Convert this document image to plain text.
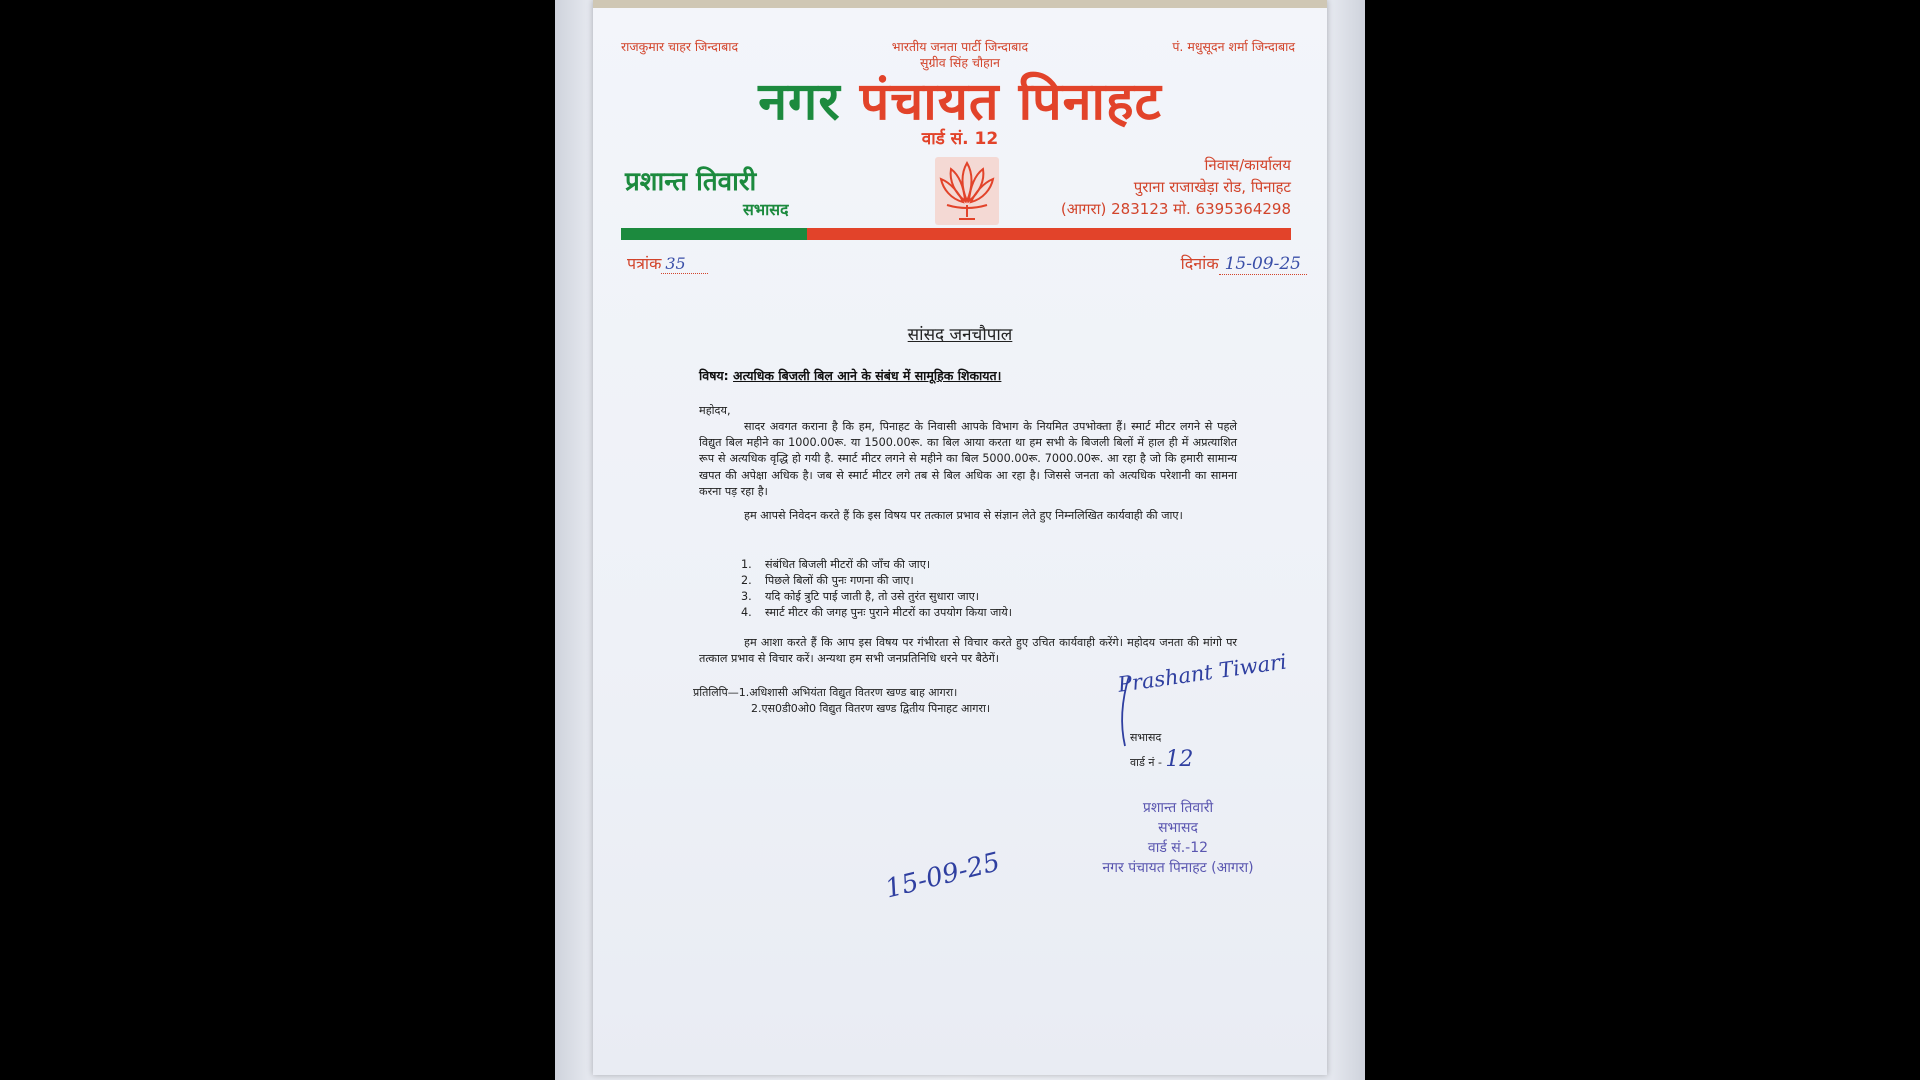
राजकुमार चाहर जिन्दाबाद	भारतीय जनता पार्टी जिन्दाबाद
सुग्रीव सिंह चौहान
पं. मधुसूदन शर्मा जिन्दाबाद
नगर पंचायत पिनाहट
वार्ड सं. 12
प्रशान्त तिवारी
सभासद
निवास/कार्यालय
पुराना राजाखेड़ा रोड, पिनाहट
(आगरा) 283123 मो. 6395364298
पत्रांक 35	दिनांक 15-09-25
सांसद जनचौपाल
विषय: अत्यधिक बिजली बिल आने के संबंध में सामूहिक शिकायत।
महोदय,
सादर अवगत कराना है कि हम, पिनाहट के निवासी आपके विभाग के नियमित उपभोक्ता हैं। स्मार्ट मीटर लगने से पहले विद्युत बिल महीने का 1000.00रू. या 1500.00रू. का बिल आया करता था हम सभी के बिजली बिलों में हाल ही में अप्रत्याशित रूप से अत्यधिक वृद्धि हो गयी है. स्मार्ट मीटर लगने से महीने का बिल 5000.00रू. 7000.00रू. आ रहा है जो कि हमारी सामान्य खपत की अपेक्षा अधिक है। जब से स्मार्ट मीटर लगे तब से बिल अधिक आ रहा है। जिससे जनता को अत्यधिक परेशानी का सामना करना पड़ रहा है।
हम आपसे निवेदन करते हैं कि इस विषय पर तत्काल प्रभाव से संज्ञान लेते हुए निम्नलिखित कार्यवाही की जाए।
1. संबंधित बिजली मीटरों की जाँच की जाए।
2. पिछले बिलों की पुनः गणना की जाए।
3. यदि कोई त्रुटि पाई जाती है, तो उसे तुरंत सुधारा जाए।
4. स्मार्ट मीटर की जगह पुनः पुराने मीटरों का उपयोग किया जाये।
हम आशा करते हैं कि आप इस विषय पर गंभीरता से विचार करते हुए उचित कार्यवाही करेंगे। महोदय जनता की मांगो पर तत्काल प्रभाव से विचार करें। अन्यथा हम सभी जनप्रतिनिधि धरने पर बैठेगें।
प्रतिलिपि—1.अधिशासी अभियंता विद्युत वितरण खण्ड बाह आगरा।
2.एस0डी0ओ0 विद्युत वितरण खण्ड द्वितीय पिनाहट आगरा।
Prashant Tiwari
सभासद
वार्ड नं - 12
प्रशान्त तिवारी
सभासद
वार्ड सं.-12
नगर पंचायत पिनाहट (आगरा)
15-09-25
